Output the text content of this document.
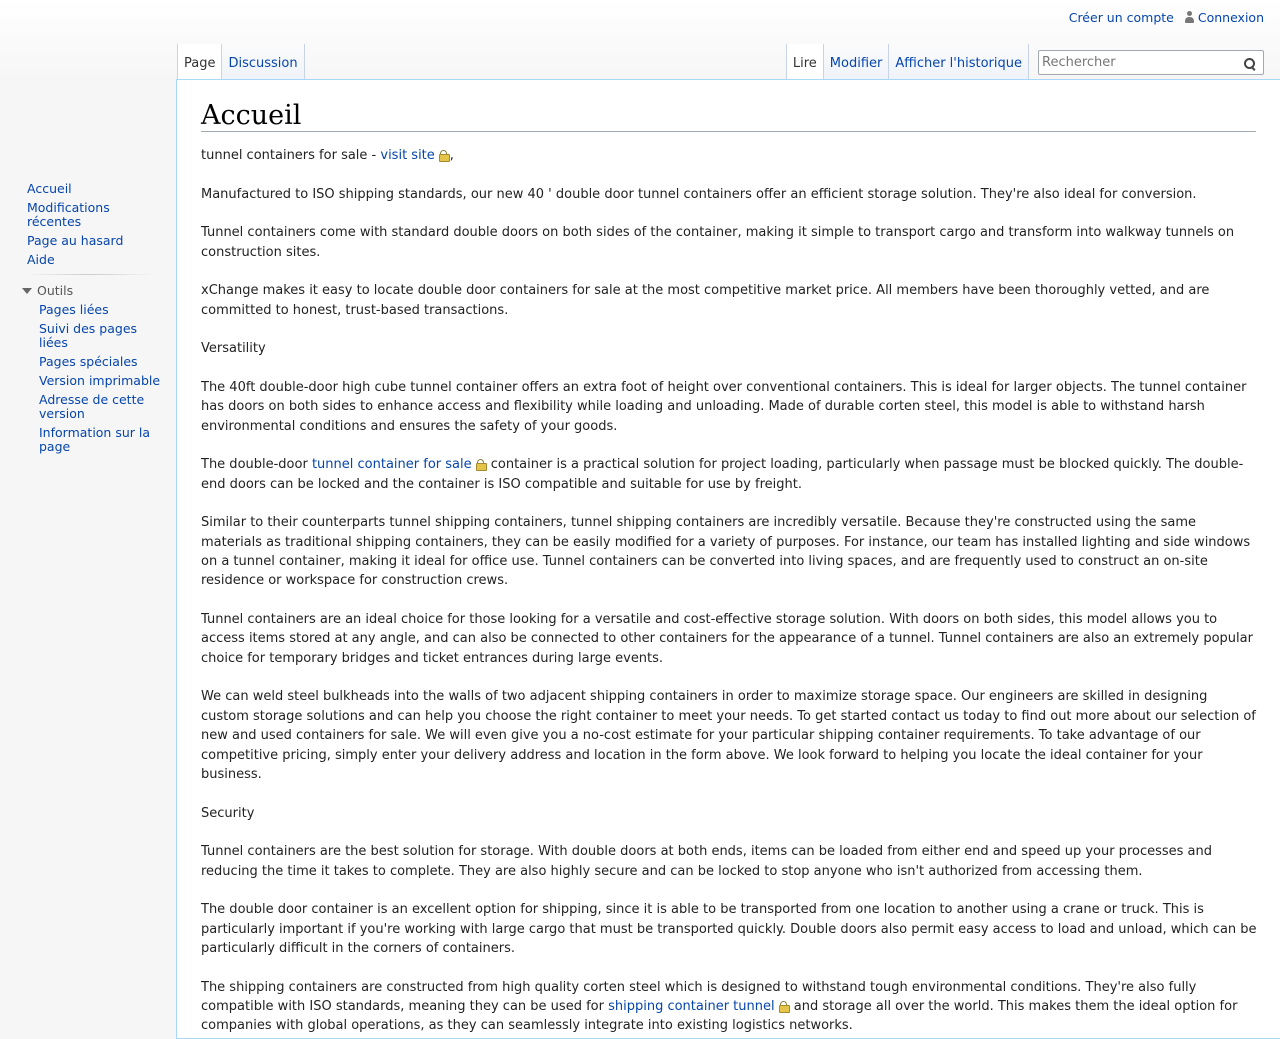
Créer un compte	Connexion
Page	Discussion	Lire	Modifier	Afficher l'historique
Rechercher
Accueil
Modifications récentes
Page au hasard
Aide
Outils
Pages liées
Suivi des pages liées
Pages spéciales
Version imprimable
Adresse de cette version
Information sur la page
Accueil

tunnel containers for sale - visit site ,

Manufactured to ISO shipping standards, our new 40 ' double door tunnel containers offer an efficient storage solution. They're also ideal for conversion.

Tunnel containers come with standard double doors on both sides of the container, making it simple to transport cargo and transform into walkway tunnels on construction sites.

xChange makes it easy to locate double door containers for sale at the most competitive market price. All members have been thoroughly vetted, and are committed to honest, trust-based transactions.

Versatility

The 40ft double-door high cube tunnel container offers an extra foot of height over conventional containers. This is ideal for larger objects. The tunnel container has doors on both sides to enhance access and flexibility while loading and unloading. Made of durable corten steel, this model is able to withstand harsh environmental conditions and ensures the safety of your goods.

The double-door tunnel container for sale container is a practical solution for project loading, particularly when passage must be blocked quickly. The double-end doors can be locked and the container is ISO compatible and suitable for use by freight.

Similar to their counterparts tunnel shipping containers, tunnel shipping containers are incredibly versatile. Because they're constructed using the same materials as traditional shipping containers, they can be easily modified for a variety of purposes. For instance, our team has installed lighting and side windows on a tunnel container, making it ideal for office use. Tunnel containers can be converted into living spaces, and are frequently used to construct an on-site residence or workspace for construction crews.

Tunnel containers are an ideal choice for those looking for a versatile and cost-effective storage solution. With doors on both sides, this model allows you to access items stored at any angle, and can also be connected to other containers for the appearance of a tunnel. Tunnel containers are also an extremely popular choice for temporary bridges and ticket entrances during large events.

We can weld steel bulkheads into the walls of two adjacent shipping containers in order to maximize storage space. Our engineers are skilled in designing custom storage solutions and can help you choose the right container to meet your needs. To get started contact us today to find out more about our selection of new and used containers for sale. We will even give you a no-cost estimate for your particular shipping container requirements. To take advantage of our competitive pricing, simply enter your delivery address and location in the form above. We look forward to helping you locate the ideal container for your business.

Security

Tunnel containers are the best solution for storage. With double doors at both ends, items can be loaded from either end and speed up your processes and reducing the time it takes to complete. They are also highly secure and can be locked to stop anyone who isn't authorized from accessing them.

The double door container is an excellent option for shipping, since it is able to be transported from one location to another using a crane or truck. This is particularly important if you're working with large cargo that must be transported quickly. Double doors also permit easy access to load and unload, which can be particularly difficult in the corners of containers.

The shipping containers are constructed from high quality corten steel which is designed to withstand tough environmental conditions. They're also fully compatible with ISO standards, meaning they can be used for shipping container tunnel and storage all over the world. This makes them the ideal option for companies with global operations, as they can seamlessly integrate into existing logistics networks.
